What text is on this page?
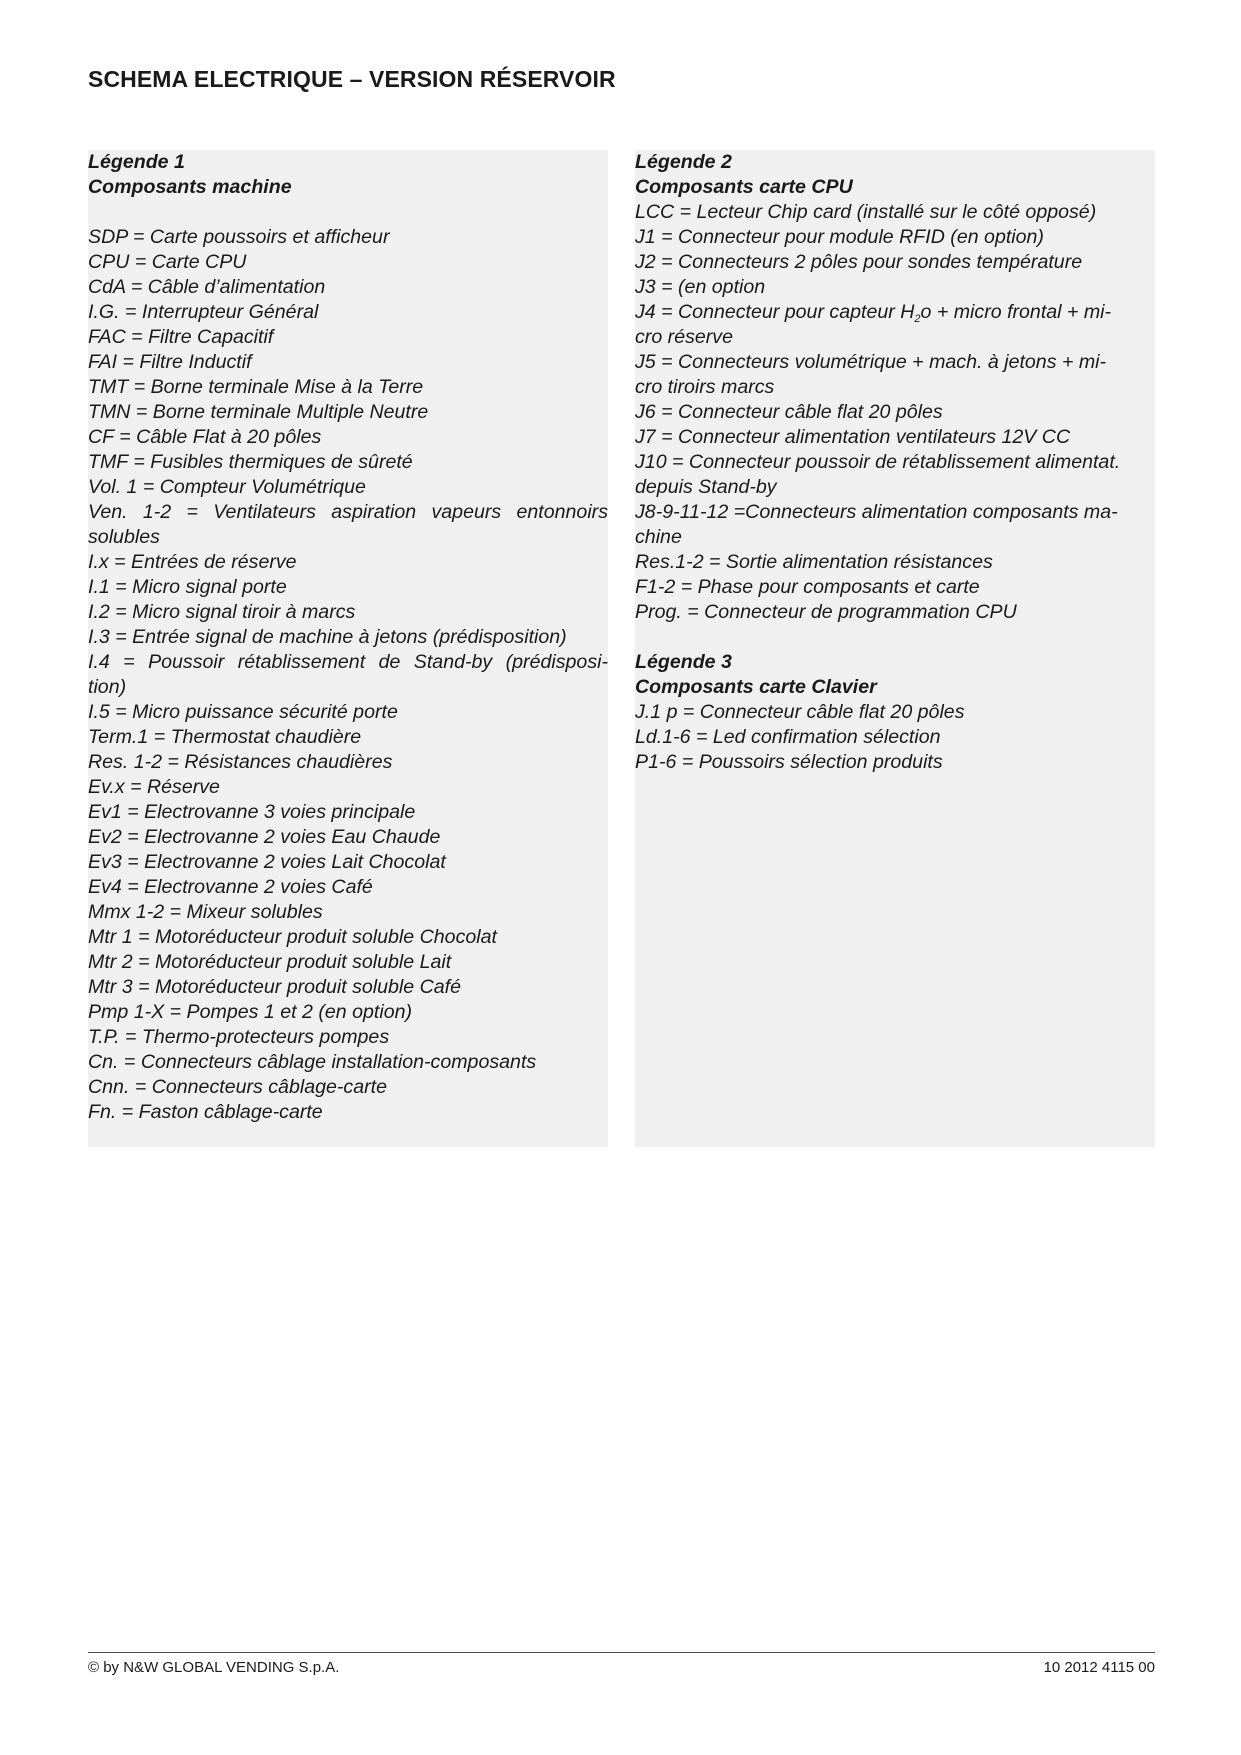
SCHEMA ELECTRIQUE – VERSION RÉSERVOIR

Légende 1

Composants machine

SDP = Carte poussoirs et afficheur

CPU = Carte CPU

CdA = Câble d’alimentation

I.G. = Interrupteur Général

FAC = Filtre Capacitif

FAI = Filtre Inductif

TMT = Borne terminale Mise à la Terre

TMN = Borne terminale Multiple Neutre

CF = Câble Flat à 20 pôles

TMF = Fusibles thermiques de sûreté

Vol. 1 = Compteur Volumétrique

Ven. 1-2 = Ventilateurs aspiration vapeurs entonnoirs

solubles

I.x = Entrées de réserve

I.1 = Micro signal porte

I.2 = Micro signal tiroir à marcs

I.3 = Entrée signal de machine à jetons (prédisposition)

I.4 = Poussoir rétablissement de Stand-by (prédisposi-

tion)

I.5 = Micro puissance sécurité porte

Term.1 = Thermostat chaudière

Res. 1-2 = Résistances chaudières

Ev.x = Réserve

Ev1 = Electrovanne 3 voies principale

Ev2 = Electrovanne 2 voies Eau Chaude

Ev3 = Electrovanne 2 voies Lait Chocolat

Ev4 = Electrovanne 2 voies Café

Mmx 1-2 = Mixeur solubles

Mtr 1 = Motoréducteur produit soluble Chocolat

Mtr 2 = Motoréducteur produit soluble Lait

Mtr 3 = Motoréducteur produit soluble Café

Pmp 1-X = Pompes 1 et 2 (en option)

T.P. = Thermo-protecteurs pompes

Cn. = Connecteurs câblage installation-composants

Cnn. = Connecteurs câblage-carte

Fn. = Faston câblage-carte

Légende 2

Composants carte CPU

LCC = Lecteur Chip card (installé sur le côté opposé)

J1 = Connecteur pour module RFID (en option)

J2 = Connecteurs 2 pôles pour sondes température

J3 = (en option

J4 = Connecteur pour capteur $H_2o$ + micro frontal + mi-

cro réserve

J5 = Connecteurs volumétrique + mach. à jetons + mi-

cro tiroirs marcs

J6 = Connecteur câble flat 20 pôles

J7 = Connecteur alimentation ventilateurs 12V CC

J10 = Connecteur poussoir de rétablissement alimentat.

depuis Stand-by

J8-9-11-12 =Connecteurs alimentation composants ma-

chine

Res.1-2 = Sortie alimentation résistances

F1-2 = Phase pour composants et carte

Prog. = Connecteur de programmation CPU

Légende 3

Composants carte Clavier

J.1 p = Connecteur câble flat 20 pôles

Ld.1-6 = Led confirmation sélection

P1-6 = Poussoirs sélection produits

© by N&W GLOBAL VENDING S.p.A.	10 2012 4115 00
